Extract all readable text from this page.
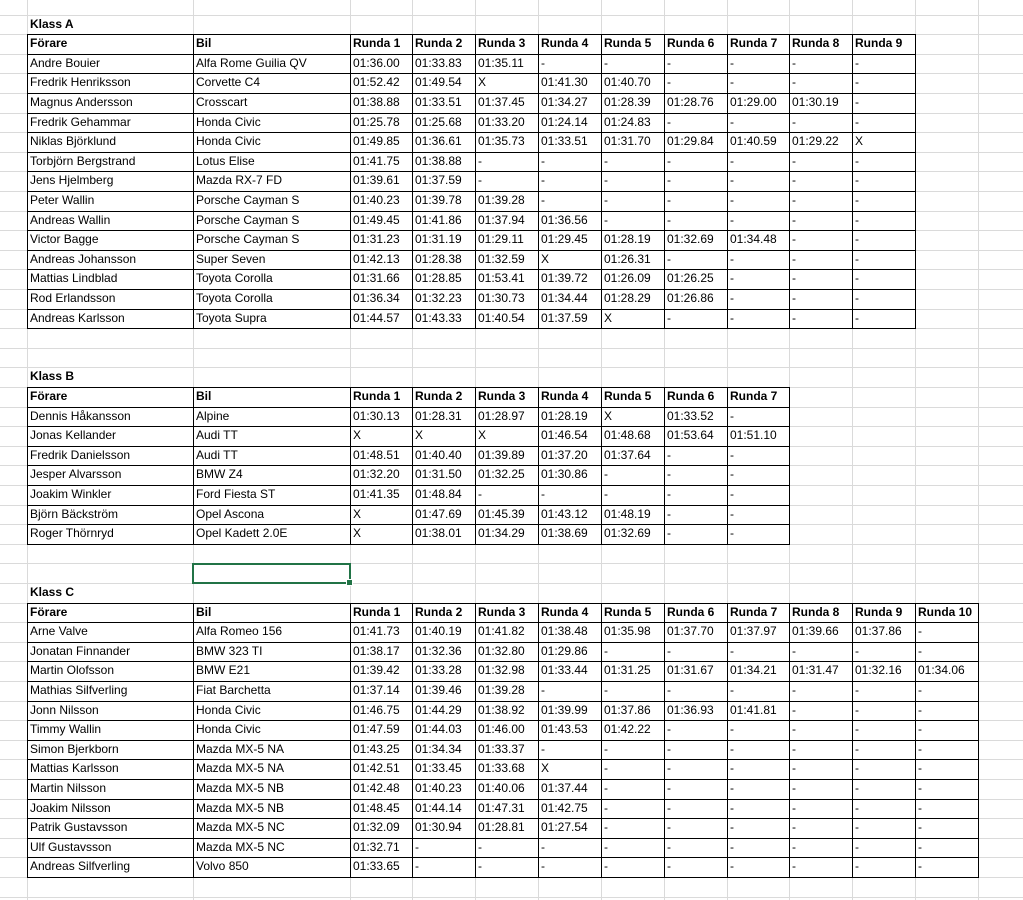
Klass A
Förare	Bil	Runda 1	Runda 2	Runda 3	Runda 4	Runda 5	Runda 6	Runda 7	Runda 8	Runda 9
Andre Bouier	Alfa Rome Guilia QV	01:36.00	01:33.83	01:35.11	-	-	-	-	-	-
Fredrik Henriksson	Corvette C4	01:52.42	01:49.54	X	01:41.30	01:40.70	-	-	-	-
Magnus Andersson	Crosscart	01:38.88	01:33.51	01:37.45	01:34.27	01:28.39	01:28.76	01:29.00	01:30.19	-
Fredrik Gehammar	Honda Civic	01:25.78	01:25.68	01:33.20	01:24.14	01:24.83	-	-	-	-
Niklas Björklund	Honda Civic	01:49.85	01:36.61	01:35.73	01:33.51	01:31.70	01:29.84	01:40.59	01:29.22	X
Torbjörn Bergstrand	Lotus Elise	01:41.75	01:38.88	-	-	-	-	-	-	-
Jens Hjelmberg	Mazda RX-7 FD	01:39.61	01:37.59	-	-	-	-	-	-	-
Peter Wallin	Porsche Cayman S	01:40.23	01:39.78	01:39.28	-	-	-	-	-	-
Andreas Wallin	Porsche Cayman S	01:49.45	01:41.86	01:37.94	01:36.56	-	-	-	-	-
Victor Bagge	Porsche Cayman S	01:31.23	01:31.19	01:29.11	01:29.45	01:28.19	01:32.69	01:34.48	-	-
Andreas Johansson	Super Seven	01:42.13	01:28.38	01:32.59	X	01:26.31	-	-	-	-
Mattias Lindblad	Toyota Corolla	01:31.66	01:28.85	01:53.41	01:39.72	01:26.09	01:26.25	-	-	-
Rod Erlandsson	Toyota Corolla	01:36.34	01:32.23	01:30.73	01:34.44	01:28.29	01:26.86	-	-	-
Andreas Karlsson	Toyota Supra	01:44.57	01:43.33	01:40.54	01:37.59	X	-	-	-	-
Klass B
Förare	Bil	Runda 1	Runda 2	Runda 3	Runda 4	Runda 5	Runda 6	Runda 7
Dennis Håkansson	Alpine	01:30.13	01:28.31	01:28.97	01:28.19	X	01:33.52	-
Jonas Kellander	Audi TT	X	X	X	01:46.54	01:48.68	01:53.64	01:51.10
Fredrik Danielsson	Audi TT	01:48.51	01:40.40	01:39.89	01:37.20	01:37.64	-	-
Jesper Alvarsson	BMW Z4	01:32.20	01:31.50	01:32.25	01:30.86	-	-	-
Joakim Winkler	Ford Fiesta ST	01:41.35	01:48.84	-	-	-	-	-
Björn Bäckström	Opel Ascona	X	01:47.69	01:45.39	01:43.12	01:48.19	-	-
Roger Thörnryd	Opel Kadett 2.0E	X	01:38.01	01:34.29	01:38.69	01:32.69	-	-
Klass C
Förare	Bil	Runda 1	Runda 2	Runda 3	Runda 4	Runda 5	Runda 6	Runda 7	Runda 8	Runda 9	Runda 10
Arne Valve	Alfa Romeo 156	01:41.73	01:40.19	01:41.82	01:38.48	01:35.98	01:37.70	01:37.97	01:39.66	01:37.86	-
Jonatan Finnander	BMW 323 TI	01:38.17	01:32.36	01:32.80	01:29.86	-	-	-	-	-	-
Martin Olofsson	BMW E21	01:39.42	01:33.28	01:32.98	01:33.44	01:31.25	01:31.67	01:34.21	01:31.47	01:32.16	01:34.06
Mathias Silfverling	Fiat Barchetta	01:37.14	01:39.46	01:39.28	-	-	-	-	-	-	-
Jonn Nilsson	Honda Civic	01:46.75	01:44.29	01:38.92	01:39.99	01:37.86	01:36.93	01:41.81	-	-	-
Timmy Wallin	Honda Civic	01:47.59	01:44.03	01:46.00	01:43.53	01:42.22	-	-	-	-	-
Simon Bjerkborn	Mazda MX-5 NA	01:43.25	01:34.34	01:33.37	-	-	-	-	-	-	-
Mattias Karlsson	Mazda MX-5 NA	01:42.51	01:33.45	01:33.68	X	-	-	-	-	-	-
Martin Nilsson	Mazda MX-5 NB	01:42.48	01:40.23	01:40.06	01:37.44	-	-	-	-	-	-
Joakim Nilsson	Mazda MX-5 NB	01:48.45	01:44.14	01:47.31	01:42.75	-	-	-	-	-	-
Patrik Gustavsson	Mazda MX-5 NC	01:32.09	01:30.94	01:28.81	01:27.54	-	-	-	-	-	-
Ulf Gustavsson	Mazda MX-5 NC	01:32.71	-	-	-	-	-	-	-	-	-
Andreas Silfverling	Volvo 850	01:33.65	-	-	-	-	-	-	-	-	-
